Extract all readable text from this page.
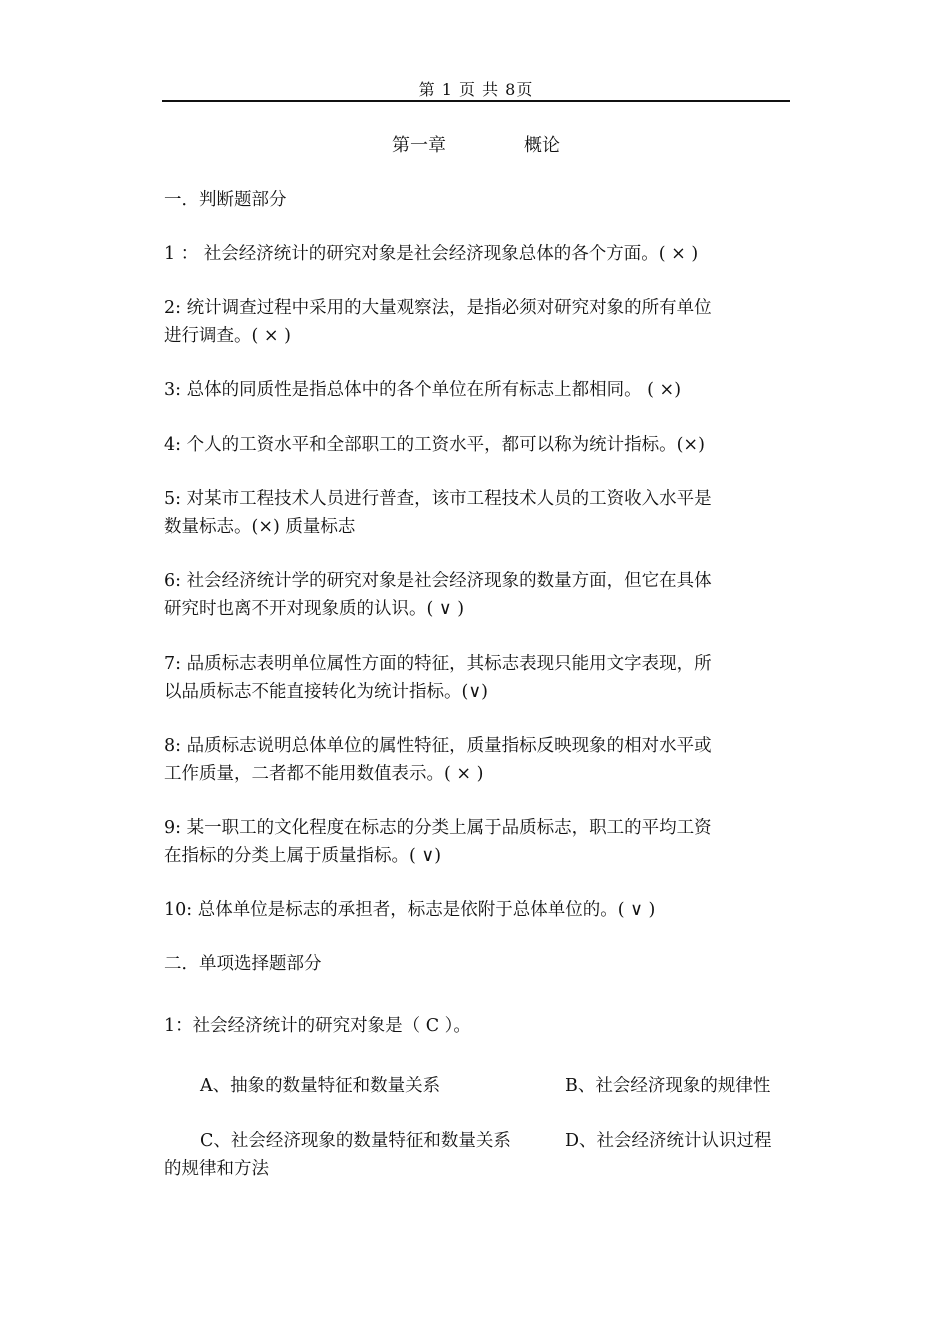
第 1 页 共 8页
第一章	概论
一．判断题部分
1 ： 社会经济统计的研究对象是社会经济现象总体的各个方面。( × )
2: 统计调查过程中采用的大量观察法，是指必须对研究对象的所有单位
进行调查。( × )
3: 总体的同质性是指总体中的各个单位在所有标志上都相同。 ( ×)
4: 个人的工资水平和全部职工的工资水平，都可以称为统计指标。(×)
5: 对某市工程技术人员进行普查，该市工程技术人员的工资收入水平是
数量标志。(×) 质量标志
6: 社会经济统计学的研究对象是社会经济现象的数量方面，但它在具体
研究时也离不开对现象质的认识。( ∨ )
7: 品质标志表明单位属性方面的特征，其标志表现只能用文字表现，所
以品质标志不能直接转化为统计指标。(∨)
8: 品质标志说明总体单位的属性特征，质量指标反映现象的相对水平或
工作质量，二者都不能用数值表示。( × )
9: 某一职工的文化程度在标志的分类上属于品质标志，职工的平均工资
在指标的分类上属于质量指标。( ∨)
10: 总体单位是标志的承担者，标志是依附于总体单位的。( ∨ )
二．单项选择题部分
1：社会经济统计的研究对象是（ C ）。
A、抽象的数量特征和数量关系	B、社会经济现象的规律性
C、社会经济现象的数量特征和数量关系	D、社会经济统计认识过程
的规律和方法
